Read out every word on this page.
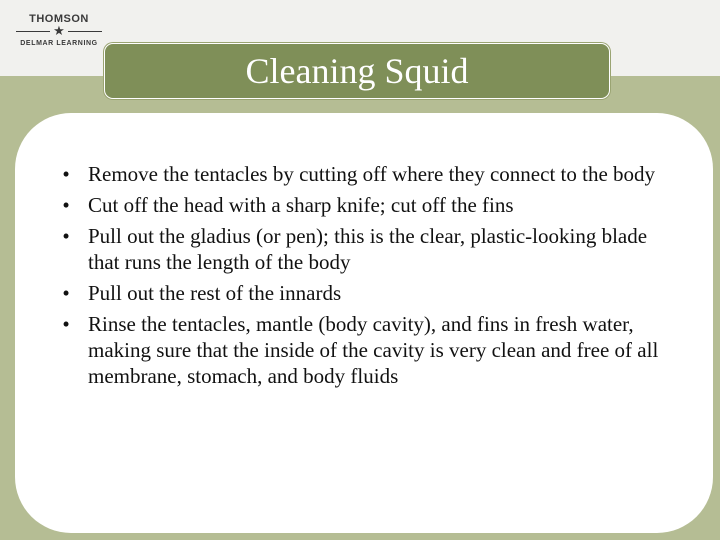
THOMSON
★
DELMAR LEARNING
Cleaning Squid
• Remove the tentacles by cutting off where they connect to the body
• Cut off the head with a sharp knife; cut off the fins
• Pull out the gladius (or pen); this is the clear, plastic-looking blade that runs the length of the body
• Pull out the rest of the innards
• Rinse the tentacles, mantle (body cavity), and fins in fresh water, making sure that the inside of the cavity is very clean and free of all membrane, stomach, and body fluids
